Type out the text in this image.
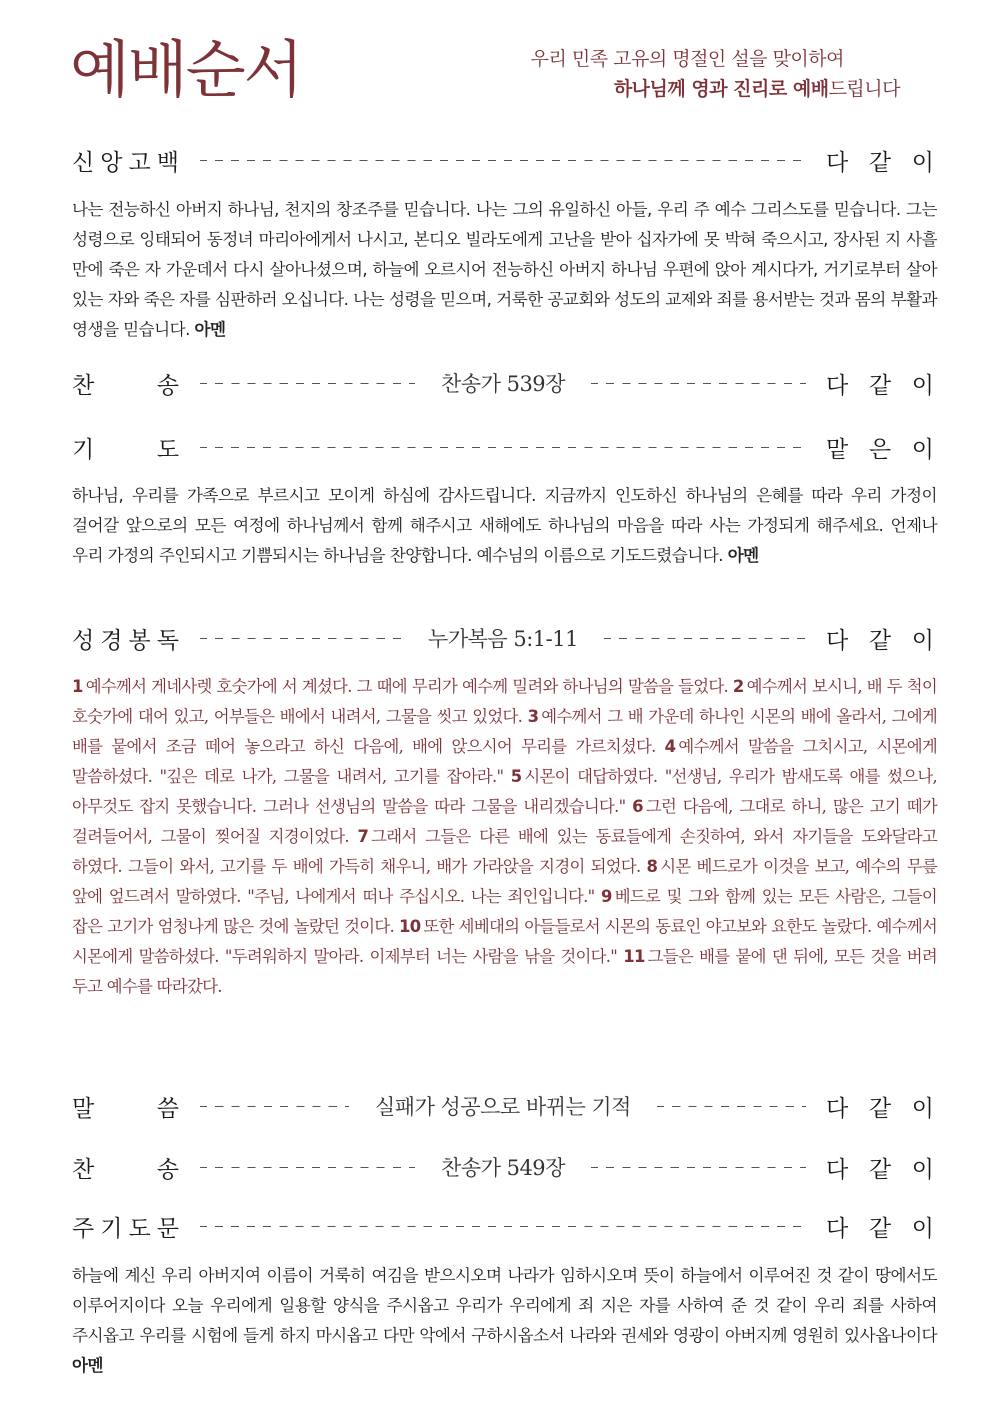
예배순서	우리 민족 고유의 명절인 설을 맞이하여
하나님께 영과 진리로 예배드립니다
신 앙 고 백	다 같 이
나는 전능하신 아버지 하나님, 천지의 창조주를 믿습니다. 나는 그의 유일하신 아들, 우리 주 예수 그리스도를 믿습니다. 그는 성령으로 잉태되어 동정녀 마리아에게서 나시고, 본디오 빌라도에게 고난을 받아 십자가에 못 박혀 죽으시고, 장사된 지 사흘 만에 죽은 자 가운데서 다시 살아나셨으며, 하늘에 오르시어 전능하신 아버지 하나님 우편에 앉아 계시다가, 거기로부터 살아 있는 자와 죽은 자를 심판하러 오십니다. 나는 성령을 믿으며, 거룩한 공교회와 성도의 교제와 죄를 용서받는 것과 몸의 부활과 영생을 믿습니다. 아멘
찬	송	찬송가 539장	다 같 이
기	도	맡 은 이
하나님, 우리를 가족으로 부르시고 모이게 하심에 감사드립니다. 지금까지 인도하신 하나님의 은혜를 따라 우리 가정이 걸어갈 앞으로의 모든 여정에 하나님께서 함께 해주시고 새해에도 하나님의 마음을 따라 사는 가정되게 해주세요. 언제나 우리 가정의 주인되시고 기쁨되시는 하나님을 찬양합니다. 예수님의 이름으로 기도드렸습니다. 아멘
성 경 봉 독	누가복음 5:1-11	다 같 이
1 예수께서 게네사렛 호숫가에 서 계셨다. 그 때에 무리가 예수께 밀려와 하나님의 말씀을 들었다. 2 예수께서 보시니, 배 두 척이 호숫가에 대어 있고, 어부들은 배에서 내려서, 그물을 씻고 있었다. 3 예수께서 그 배 가운데 하나인 시몬의 배에 올라서, 그에게 배를 뭍에서 조금 떼어 놓으라고 하신 다음에, 배에 앉으시어 무리를 가르치셨다. 4 예수께서 말씀을 그치시고, 시몬에게 말씀하셨다. "깊은 데로 나가, 그물을 내려서, 고기를 잡아라." 5 시몬이 대답하였다. "선생님, 우리가 밤새도록 애를 썼으나, 아무것도 잡지 못했습니다. 그러나 선생님의 말씀을 따라 그물을 내리겠습니다." 6 그런 다음에, 그대로 하니, 많은 고기 떼가 걸려들어서, 그물이 찢어질 지경이었다. 7 그래서 그들은 다른 배에 있는 동료들에게 손짓하여, 와서 자기들을 도와달라고 하였다. 그들이 와서, 고기를 두 배에 가득히 채우니, 배가 가라앉을 지경이 되었다. 8 시몬 베드로가 이것을 보고, 예수의 무릎 앞에 엎드려서 말하였다. "주님, 나에게서 떠나 주십시오. 나는 죄인입니다." 9 베드로 및 그와 함께 있는 모든 사람은, 그들이 잡은 고기가 엄청나게 많은 것에 놀랐던 것이다. 10 또한 세베대의 아들들로서 시몬의 동료인 야고보와 요한도 놀랐다. 예수께서 시몬에게 말씀하셨다. "두려워하지 말아라. 이제부터 너는 사람을 낚을 것이다." 11 그들은 배를 뭍에 댄 뒤에, 모든 것을 버려 두고 예수를 따라갔다.
말	씀	실패가 성공으로 바뀌는 기적	다 같 이
찬	송	찬송가 549장	다 같 이
주 기 도 문	다 같 이
하늘에 계신 우리 아버지여 이름이 거룩히 여김을 받으시오며 나라가 임하시오며 뜻이 하늘에서 이루어진 것 같이 땅에서도 이루어지이다 오늘 우리에게 일용할 양식을 주시옵고 우리가 우리에게 죄 지은 자를 사하여 준 것 같이 우리 죄를 사하여 주시옵고 우리를 시험에 들게 하지 마시옵고 다만 악에서 구하시옵소서 나라와 권세와 영광이 아버지께 영원히 있사옵나이다 아멘
